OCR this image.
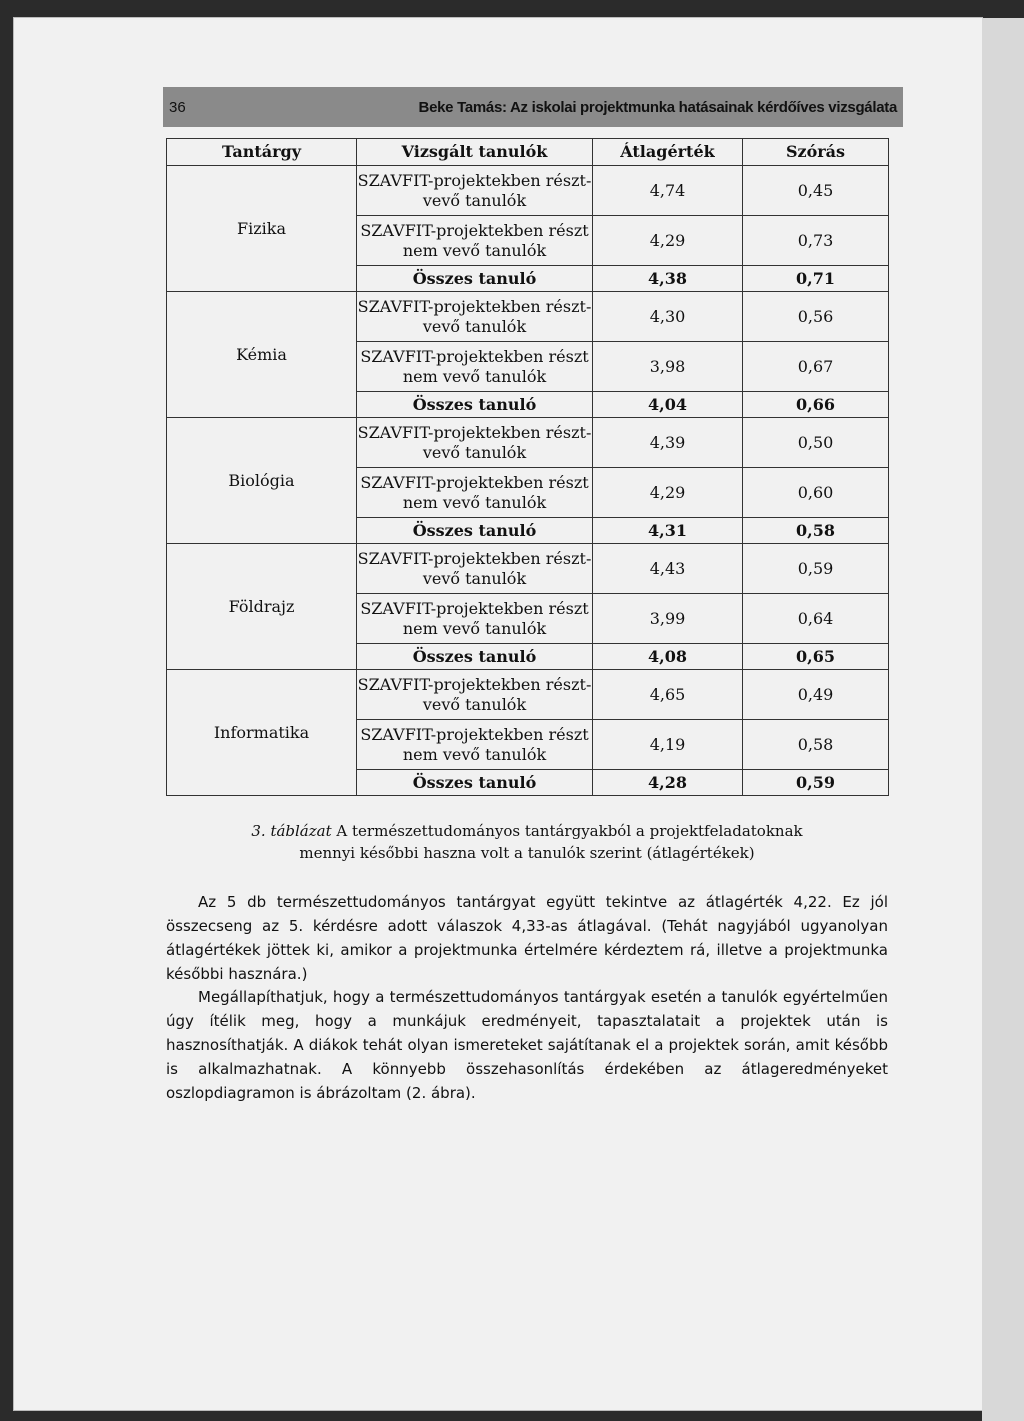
36	Beke Tamás: Az iskolai projektmunka hatásainak kérdőíves vizsgálata
Tantárgy	Vizsgált tanulók	Átlagérték	Szórás
Fizika	SZAVFIT-projektekben részt-vevő tanulók	4,74	0,45
	SZAVFIT-projektekben részt nem vevő tanulók	4,29	0,73
	Összes tanuló	4,38	0,71
Kémia	SZAVFIT-projektekben részt-vevő tanulók	4,30	0,56
	SZAVFIT-projektekben részt nem vevő tanulók	3,98	0,67
	Összes tanuló	4,04	0,66
Biológia	SZAVFIT-projektekben részt-vevő tanulók	4,39	0,50
	SZAVFIT-projektekben részt nem vevő tanulók	4,29	0,60
	Összes tanuló	4,31	0,58
Földrajz	SZAVFIT-projektekben részt-vevő tanulók	4,43	0,59
	SZAVFIT-projektekben részt nem vevő tanulók	3,99	0,64
	Összes tanuló	4,08	0,65
Informatika	SZAVFIT-projektekben részt-vevő tanulók	4,65	0,49
	SZAVFIT-projektekben részt nem vevő tanulók	4,19	0,58
	Összes tanuló	4,28	0,59
3. táblázat A természettudományos tantárgyakból a projektfeladatoknak
mennyi későbbi haszna volt a tanulók szerint (átlagértékek)

Az 5 db természettudományos tantárgyat együtt tekintve az átlagérték 4,22. Ez jól összecseng az 5. kérdésre adott válaszok 4,33-as átlagával. (Tehát nagyjából ugyanolyan átlagértékek jöttek ki, amikor a projektmunka értelmére kérdeztem rá, illetve a projektmunka későbbi hasznára.)

Megállapíthatjuk, hogy a természettudományos tantárgyak esetén a tanulók egyértelműen úgy ítélik meg, hogy a munkájuk eredményeit, tapasztalatait a projektek után is hasznosíthatják. A diákok tehát olyan ismereteket sajátítanak el a projektek során, amit később is alkalmazhatnak. A könnyebb összehasonlítás érdekében az átlageredményeket oszlopdiagramon is ábrázoltam (2. ábra).
